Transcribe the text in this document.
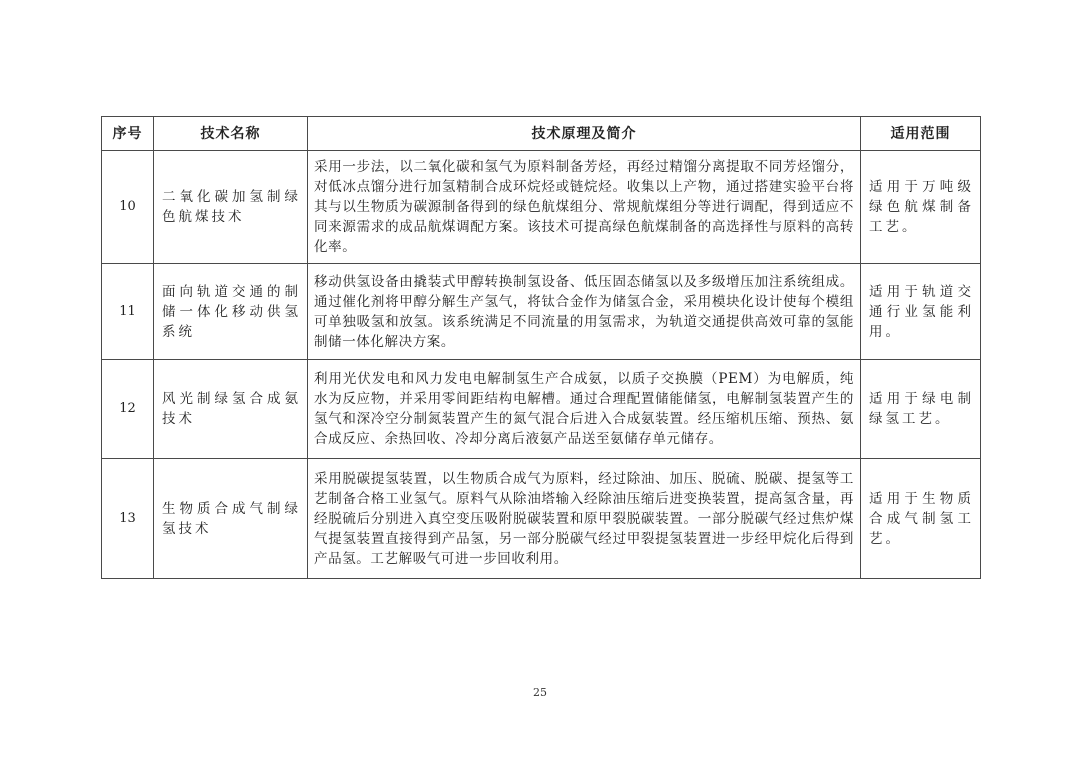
序号	技术名称	技术原理及简介	适用范围
10	二氧化碳加氢制绿色航煤技术	采用一步法，以二氧化碳和氢气为原料制备芳烃，再经过精馏分离提取不同芳烃馏分，对低冰点馏分进行加氢精制合成环烷烃或链烷烃。收集以上产物，通过搭建实验平台将其与以生物质为碳源制备得到的绿色航煤组分、常规航煤组分等进行调配，得到适应不同来源需求的成品航煤调配方案。该技术可提高绿色航煤制备的高选择性与原料的高转化率。	适用于万吨级绿色航煤制备工艺。
11	面向轨道交通的制储一体化移动供氢系统	移动供氢设备由撬装式甲醇转换制氢设备、低压固态储氢以及多级增压加注系统组成。通过催化剂将甲醇分解生产氢气，将钛合金作为储氢合金，采用模块化设计使每个模组可单独吸氢和放氢。该系统满足不同流量的用氢需求，为轨道交通提供高效可靠的氢能制储一体化解决方案。	适用于轨道交通行业氢能利用。
12	风光制绿氢合成氨技术	利用光伏发电和风力发电电解制氢生产合成氨，以质子交换膜（PEM）为电解质，纯水为反应物，并采用零间距结构电解槽。通过合理配置储能储氢，电解制氢装置产生的氢气和深冷空分制氮装置产生的氮气混合后进入合成氨装置。经压缩机压缩、预热、氨合成反应、余热回收、冷却分离后液氨产品送至氨储存单元储存。	适用于绿电制绿氢工艺。
13	生物质合成气制绿氢技术	采用脱碳提氢装置，以生物质合成气为原料，经过除油、加压、脱硫、脱碳、提氢等工艺制备合格工业氢气。原料气从除油塔输入经除油压缩后进变换装置，提高氢含量，再经脱硫后分别进入真空变压吸附脱碳装置和原甲裂脱碳装置。一部分脱碳气经过焦炉煤气提氢装置直接得到产品氢，另一部分脱碳气经过甲裂提氢装置进一步经甲烷化后得到产品氢。工艺解吸气可进一步回收利用。	适用于生物质合成气制氢工艺。
25
